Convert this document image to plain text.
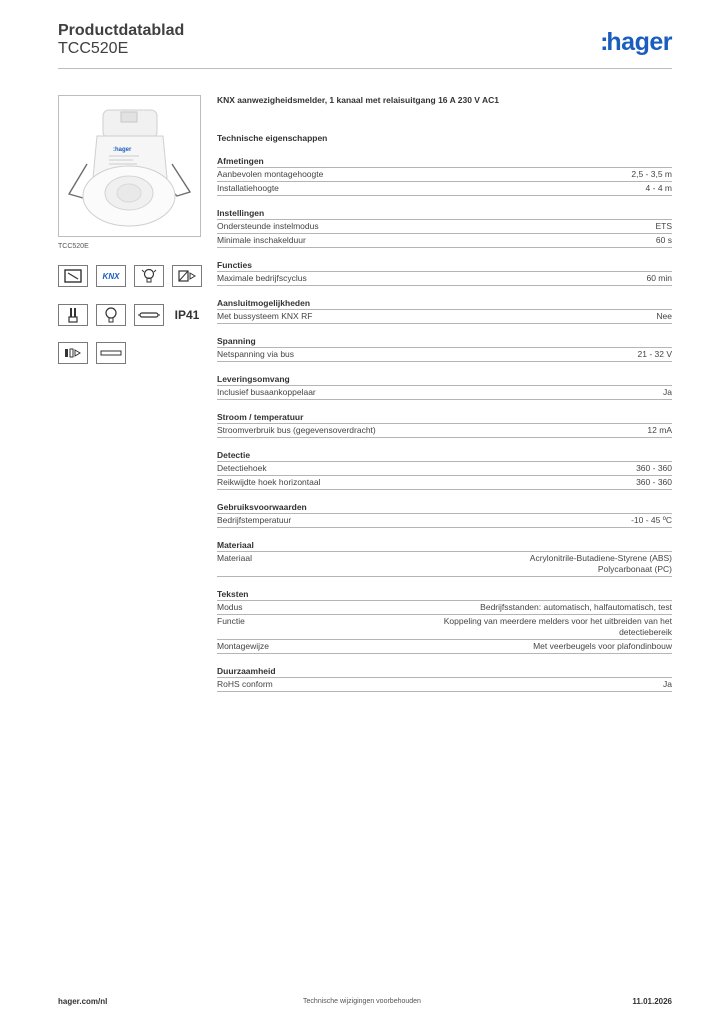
Productdatablad
TCC520E	:hager
:hager
TCC520E
KNX
IP41
KNX aanwezigheidsmelder, 1 kanaal met relaisuitgang 16 A 230 V AC1
Technische eigenschappen
Afmetingen
Aanbevolen montagehoogte	2,5 - 3,5 m
Installatiehoogte	4 - 4 m
Instellingen
Ondersteunde instelmodus	ETS
Minimale inschakelduur	60 s
Functies
Maximale bedrijfscyclus	60 min
Aansluitmogelijkheden
Met bussysteem KNX RF	Nee
Spanning
Netspanning via bus	21 - 32 V
Leveringsomvang
Inclusief busaankoppelaar	Ja
Stroom / temperatuur
Stroomverbruik bus (gegevensoverdracht)	12 mA
Detectie
Detectiehoek	360 - 360
Reikwijdte hoek horizontaal	360 - 360
Gebruiksvoorwaarden
Bedrijfstemperatuur	-10 - 45 ºC
Materiaal
Materiaal	Acrylonitrile-Butadiene-Styrene (ABS)
Polycarbonaat (PC)
Teksten
Modus	Bedrijfsstanden: automatisch, halfautomatisch, test
Functie	Koppeling van meerdere melders voor het uitbreiden van het
detectiebereik
Montagewijze	Met veerbeugels voor plafondinbouw
Duurzaamheid
RoHS conform	Ja
hager.com/nl	Technische wijzigingen voorbehouden	11.01.2026
